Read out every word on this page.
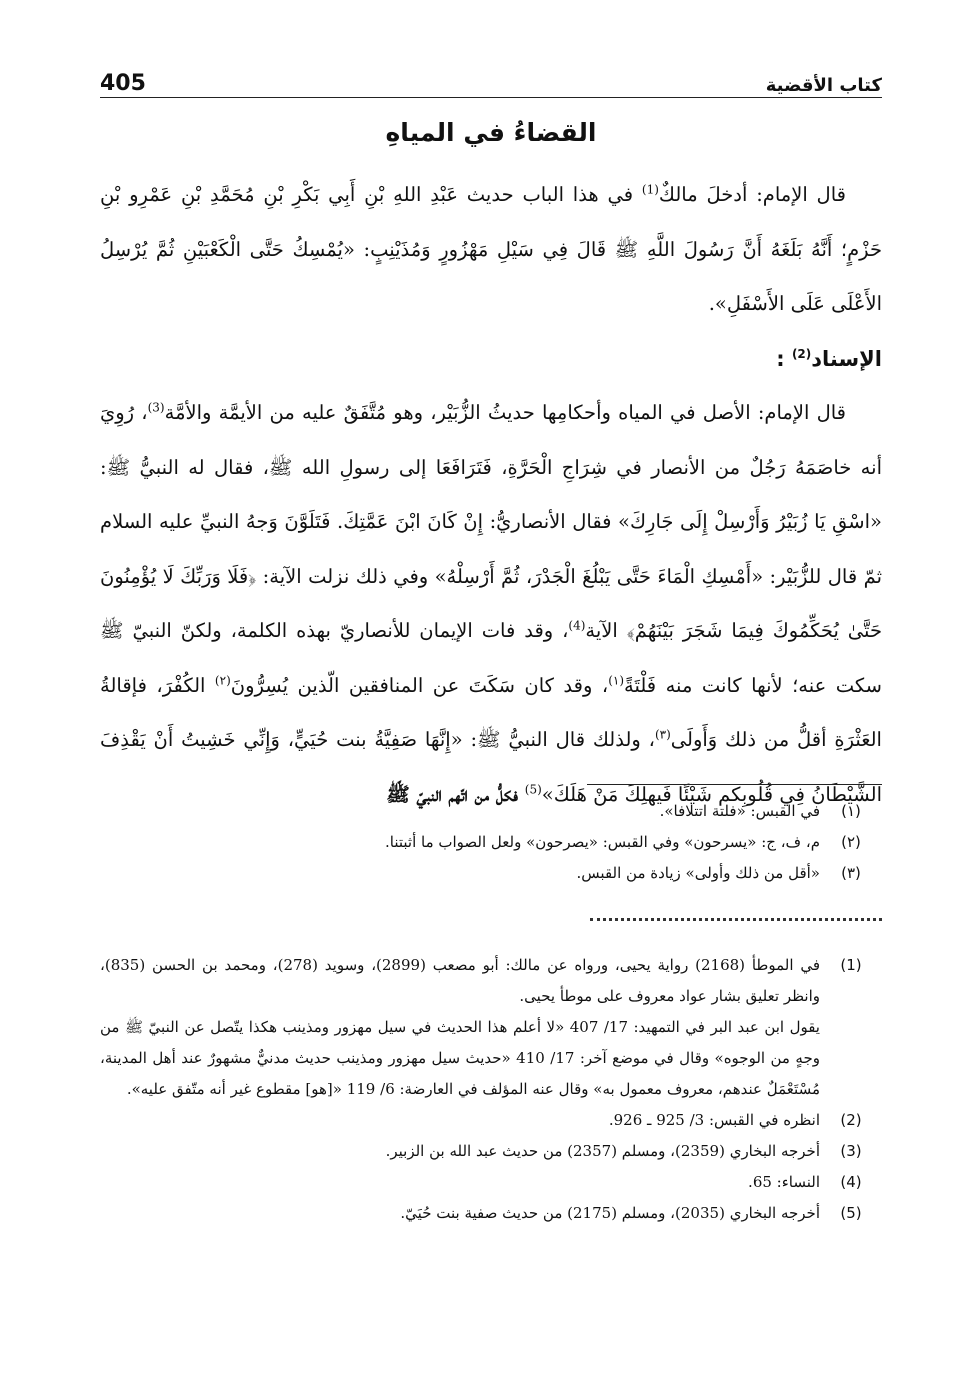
405	كتاب الأقضية
القضاءُ في المياهِ

قال الإمام: أدخلَ مالكٌ$^{(1)}$ في هذا الباب حديث عَبْدِ اللهِ بْنِ أَبِي بَكْرِ بْنِ مُحَمَّدِ بْنِ عَمْرِو بْنِ حَزْمٍ؛ أَنَّهُ بَلَغَهُ أَنَّ رَسُولَ اللَّهِ ﷺ قَالَ فِي سَيْلِ مَهْزُورٍ وَمُذَيْنِبٍ: «يُمْسِكُ حَتَّى الْكَعْبَيْنِ ثُمَّ يُرْسِلُ الأَعْلَى عَلَى الأَسْفَلِ».

الإسناد$^{(2)}$ :

قال الإمام: الأصل في المياه وأحكامِها حديثُ الزُّبَيْر، وهو مُتَّفَقٌ عليه من الأيمَّة والأمَّة$^{(3)}$، رُوِيَ أنه خاصَمَهُ رَجُلٌ من الأنصار في شِرَاجِ الْحَرَّةِ، فَتَرَافَعَا إلى رسولِ الله ﷺ، فقال له النبيُّ ﷺ: «اسْقِ يَا زُبَيْرُ وَأَرْسِلْ إِلَى جَارِكَ» فقال الأنصاريُّ: إِنْ كَانَ ابْنَ عَمَّتِكَ. فَتَلَوَّنَ وَجهُ النبيِّ عليه السلام ثمّ قال للزُّبَيْر: «أَمْسِكِ الْمَاءَ حَتَّى يَبْلُغَ الْجَدْرَ، ثُمَّ أَرْسِلْهُ» وفي ذلك نزلت الآية: ﴿فَلَا وَرَبِّكَ لَا يُؤْمِنُونَ حَتَّىٰ يُحَكِّمُوكَ فِيمَا شَجَرَ بَيْنَهُمْ﴾ الآية$^{(4)}$، وقد فات الإيمان للأنصاريّ بهذه الكلمة، ولكنّ النبيّ ﷺ سكت عنه؛ لأنها كانت منه فَلْتَةً$^{(١)}$، وقد كان سَكَتَ عن المنافقين الّذين يُسِرُّونَ$^{(٢)}$ الكُفْرَ، فإقالةُ العَثْرَةِ أقلُّ من ذلك وَأَولَى$^{(٣)}$، ولذلك قال النبيُّ ﷺ: «إِنَّهَا صَفِيَّةُ بنت حُيَيٍّ، وَإِنِّي خَشِيتُ أَنْ يَقْذِفَ الشَّيْطَانُ فِي قُلُوبِكم شَيْئًا فَيهلِكَ مَنْ هَلَكَ»$^{(5)}$ فكلُّ من اتّهم النبيّ ﷺ

(١)
في القبس: «فلتة اتتلافا».
(٢)
م، ف، ج: «يسرحون» وفي القبس: «يصرحون» ولعل الصواب ما أثبتنا.
(٣)
«أقل من ذلك وأولى» زيادة من القبس.
(1)
في الموطأ (2168) رواية يحيى، ورواه عن مالك: أبو مصعب (2899)، وسويد (278)، ومحمد بن الحسن (835)، وانظر تعليق بشار عواد معروف على موطأ يحيى.
يقول ابن عبد البر في التمهيد: 17/ 407 «لا أعلم هذا الحديث في سيل مهزور ومذينب هكذا يتّصل عن النبيّ ﷺ من وجهٍ من الوجوه» وقال في موضع آخر: 17/ 410 «حديث سيل مهزور ومذينب حديث مدنيٌّ مشهورٌ عند أهل المدينة، مُسْتَعْمَلٌ عندهم، معروف معمول به» وقال عنه المؤلف في العارضة: 6/ 119 «[هو] مقطوع غير أنه متّفق عليه».
(2)
انظره في القبس: 3/ 925 ـ 926.
(3)
أخرجه البخاري (2359)، ومسلم (2357) من حديث عبد الله بن الزبير.
(4)
النساء: 65.
(5)
أخرجه البخاري (2035)، ومسلم (2175) من حديث صفية بنت حُيَيّ.
